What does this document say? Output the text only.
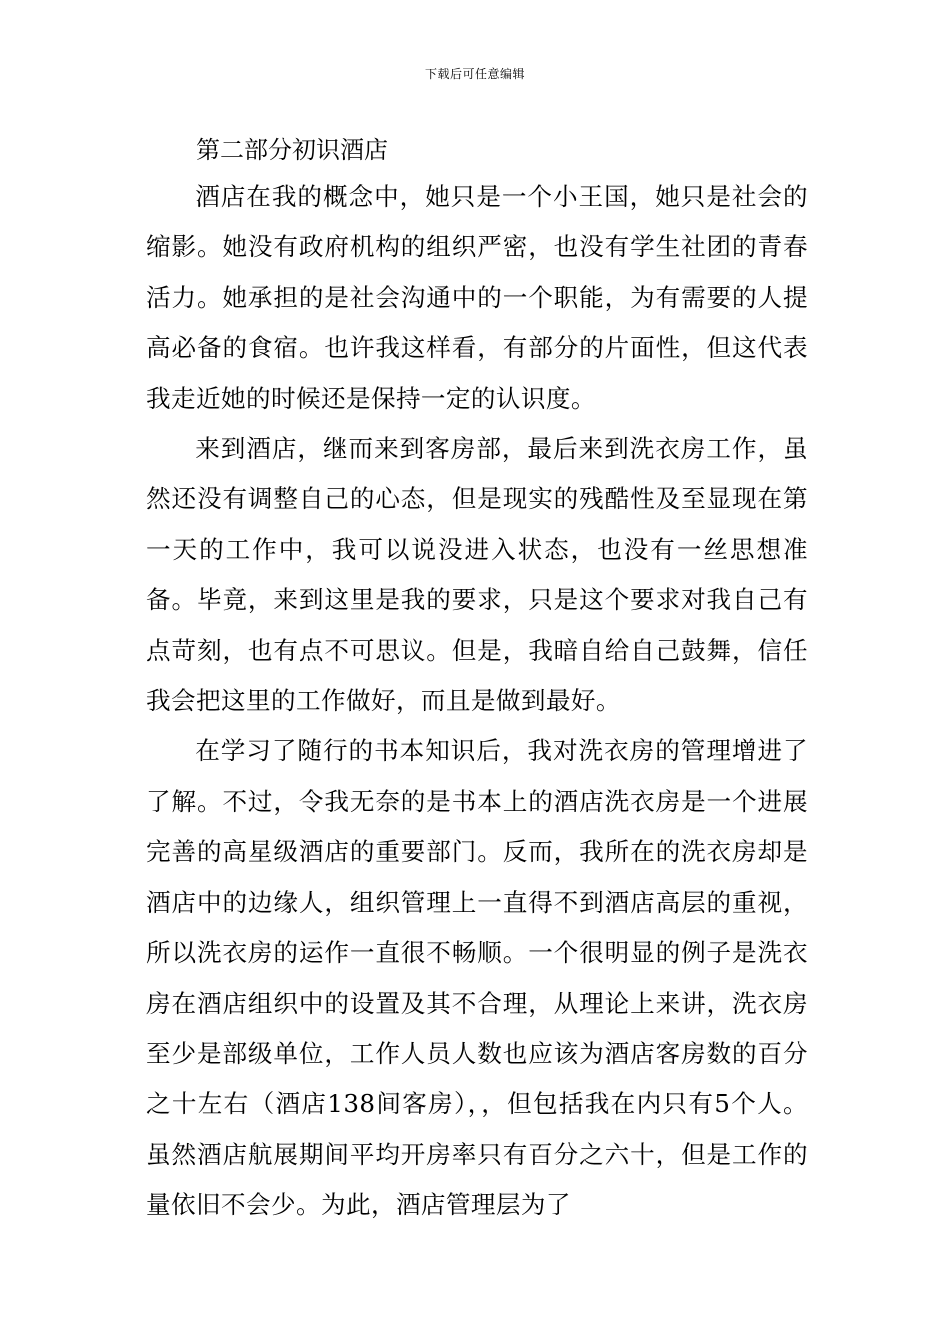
下载后可任意编辑
第二部分初识酒店

酒店在我的概念中，她只是一个小王国，她只是社会的缩影。她没有政府机构的组织严密，也没有学生社团的青春活力。她承担的是社会沟通中的一个职能，为有需要的人提高必备的食宿。也许我这样看，有部分的片面性，但这代表我走近她的时候还是保持一定的认识度。

来到酒店，继而来到客房部，最后来到洗衣房工作，虽然还没有调整自己的心态，但是现实的残酷性及至显现在第一天的工作中，我可以说没进入状态，也没有一丝思想准备。毕竟，来到这里是我的要求，只是这个要求对我自己有点苛刻，也有点不可思议。但是，我暗自给自己鼓舞，信任我会把这里的工作做好，而且是做到最好。

在学习了随行的书本知识后，我对洗衣房的管理增进了了解。不过，令我无奈的是书本上的酒店洗衣房是一个进展完善的高星级酒店的重要部门。反而，我所在的洗衣房却是酒店中的边缘人，组织管理上一直得不到酒店高层的重视，所以洗衣房的运作一直很不畅顺。一个很明显的例子是洗衣房在酒店组织中的设置及其不合理，从理论上来讲，洗衣房至少是部级单位，工作人员人数也应该为酒店客房数的百分之十左右（酒店138间客房），，但包括我在内只有5个人。虽然酒店航展期间平均开房率只有百分之六十，但是工作的量依旧不会少。为此，酒店管理层为了
